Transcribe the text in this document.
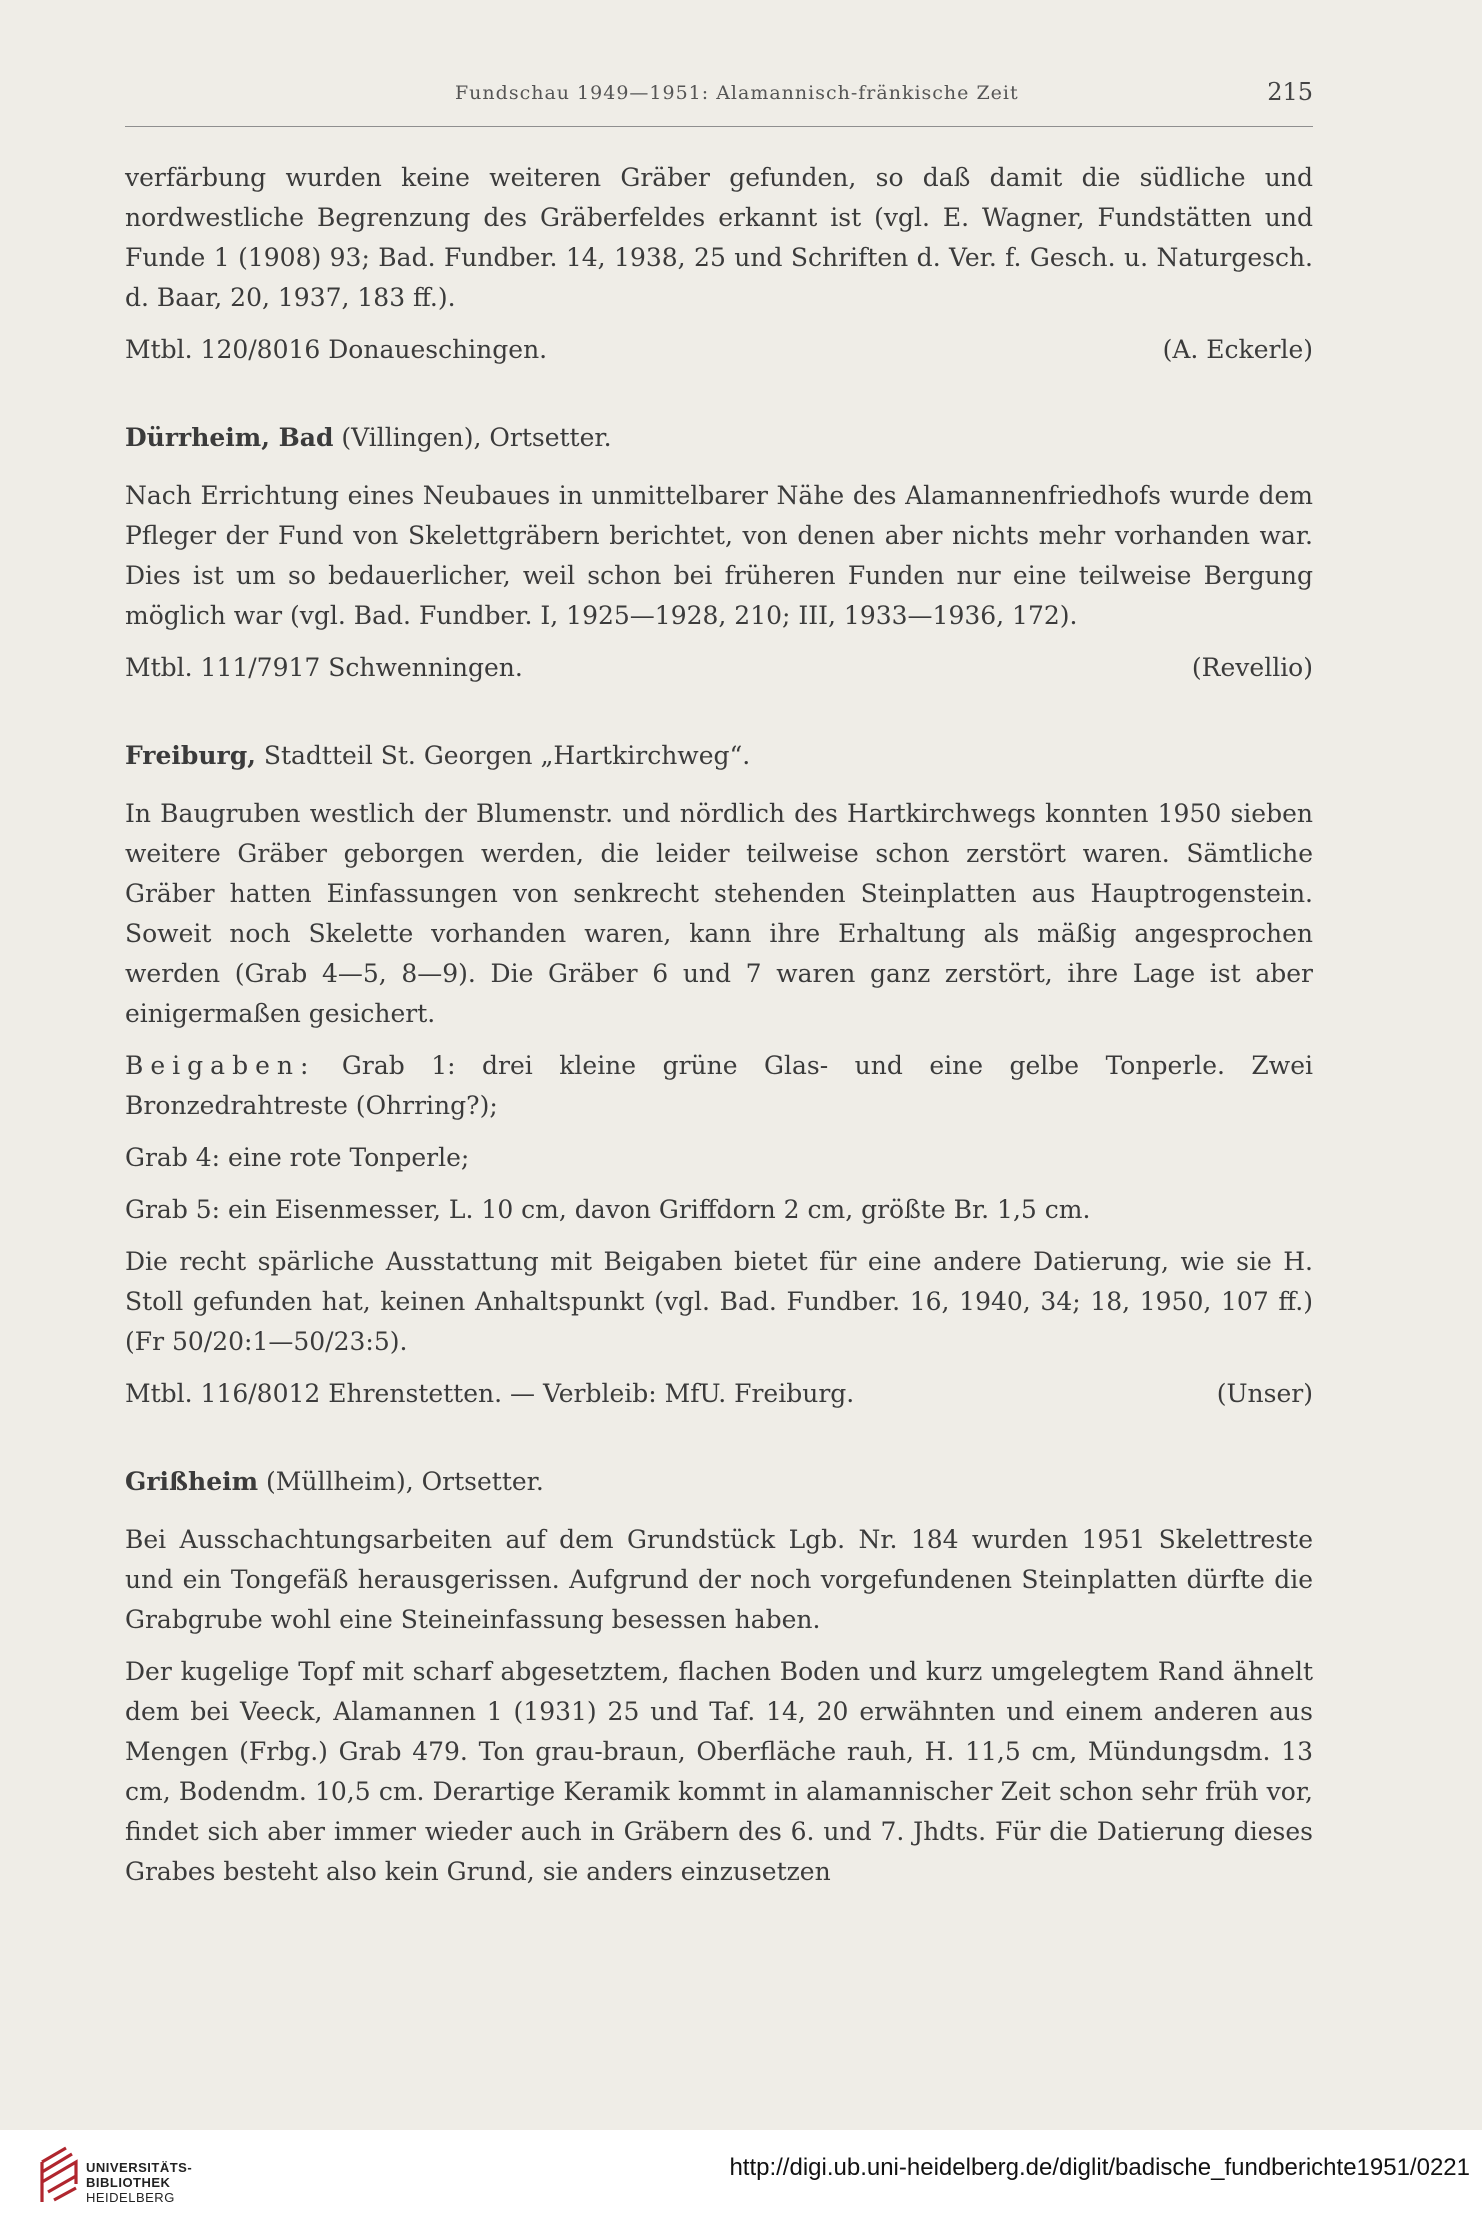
Fundschau 1949—1951: Alamannisch-fränkische Zeit	215

verfärbung wurden keine weiteren Gräber gefunden, so daß damit die südliche und nordwestliche Begrenzung des Gräberfeldes erkannt ist (vgl. E. Wagner, Fundstätten und Funde 1 (1908) 93; Bad. Fundber. 14, 1938, 25 und Schriften d. Ver. f. Gesch. u. Naturgesch. d. Baar, 20, 1937, 183 ff.).

Mtbl. 120/8016 Donaueschingen.	(A. Eckerle)
Dürrheim, Bad (Villingen), Ortsetter.

Nach Errichtung eines Neubaues in unmittelbarer Nähe des Alamannenfriedhofs wurde dem Pfleger der Fund von Skelettgräbern berichtet, von denen aber nichts mehr vorhanden war. Dies ist um so bedauerlicher, weil schon bei früheren Funden nur eine teilweise Bergung möglich war (vgl. Bad. Fundber. I, 1925—1928, 210; III, 1933—1936, 172).

Mtbl. 111/7917 Schwenningen.	(Revellio)
Freiburg, Stadtteil St. Georgen „Hartkirchweg“.

In Baugruben westlich der Blumenstr. und nördlich des Hartkirchwegs konnten 1950 sieben weitere Gräber geborgen werden, die leider teilweise schon zerstört waren. Sämtliche Gräber hatten Einfassungen von senkrecht stehenden Steinplatten aus Hauptrogenstein. Soweit noch Skelette vorhanden waren, kann ihre Erhaltung als mäßig angesprochen werden (Grab 4—5, 8—9). Die Gräber 6 und 7 waren ganz zerstört, ihre Lage ist aber einigermaßen gesichert.

Beigaben: Grab 1: drei kleine grüne Glas- und eine gelbe Tonperle. Zwei Bronzedrahtreste (Ohrring?);

Grab 4: eine rote Tonperle;

Grab 5: ein Eisenmesser, L. 10 cm, davon Griffdorn 2 cm, größte Br. 1,5 cm.

Die recht spärliche Ausstattung mit Beigaben bietet für eine andere Datierung, wie sie H. Stoll gefunden hat, keinen Anhaltspunkt (vgl. Bad. Fundber. 16, 1940, 34; 18, 1950, 107 ff.) (Fr 50/20:1—50/23:5).

Mtbl. 116/8012 Ehrenstetten. — Verbleib: MfU. Freiburg.	(Unser)
Grißheim (Müllheim), Ortsetter.

Bei Ausschachtungsarbeiten auf dem Grundstück Lgb. Nr. 184 wurden 1951 Skelettreste und ein Tongefäß herausgerissen. Aufgrund der noch vorgefundenen Steinplatten dürfte die Grabgrube wohl eine Steineinfassung besessen haben.

Der kugelige Topf mit scharf abgesetztem, flachen Boden und kurz umgelegtem Rand ähnelt dem bei Veeck, Alamannen 1 (1931) 25 und Taf. 14, 20 erwähnten und einem anderen aus Mengen (Frbg.) Grab 479. Ton grau-braun, Oberfläche rauh, H. 11,5 cm, Mündungsdm. 13 cm, Bodendm. 10,5 cm. Derartige Keramik kommt in alamannischer Zeit schon sehr früh vor, findet sich aber immer wieder auch in Gräbern des 6. und 7. Jhdts. Für die Datierung dieses Grabes besteht also kein Grund, sie anders einzusetzen

UNIVERSITÄTS-
BIBLIOTHEK
HEIDELBERG
http://digi.ub.uni-heidelberg.de/diglit/badische_fundberichte1951/0221
